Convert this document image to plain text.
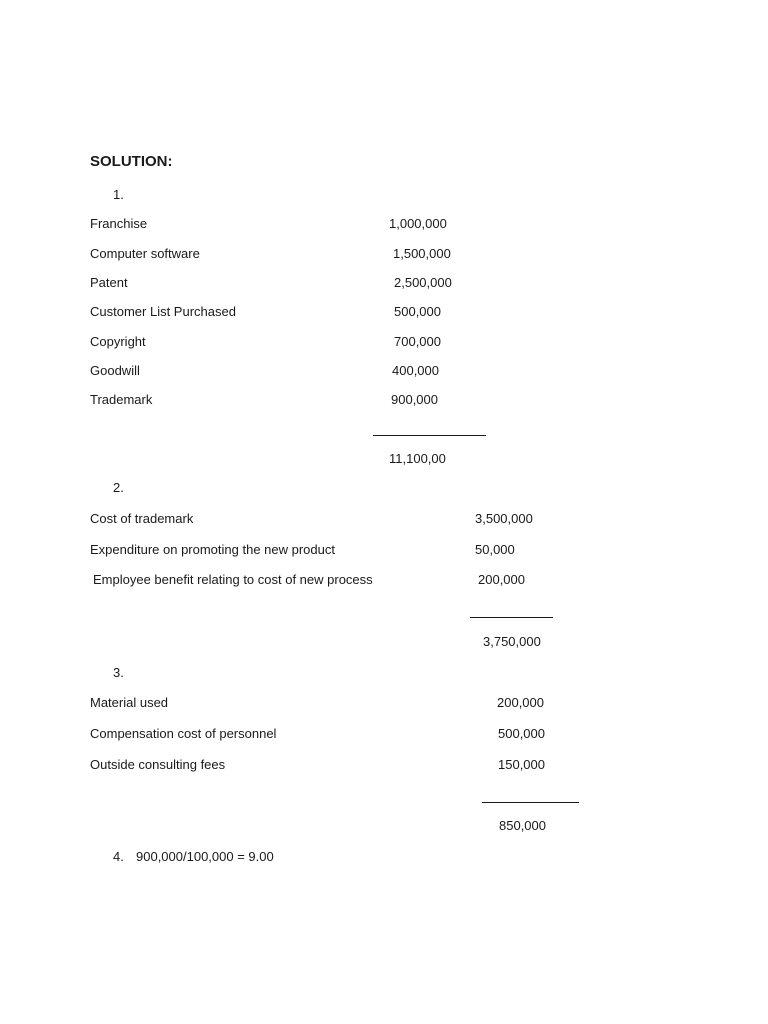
SOLUTION:
1.
Franchise	1,000,000
Computer software	1,500,000
Patent	2,500,000
Customer List Purchased	500,000
Copyright	700,000
Goodwill	400,000
Trademark	900,000
11,100,00
2.
Cost of trademark	3,500,000
Expenditure on promoting the new product	50,000
Employee benefit relating to cost of new process	200,000
3,750,000
3.
Material used	200,000
Compensation cost of personnel	500,000
Outside consulting fees	150,000
850,000
4. 900,000/100,000 = 9.00
